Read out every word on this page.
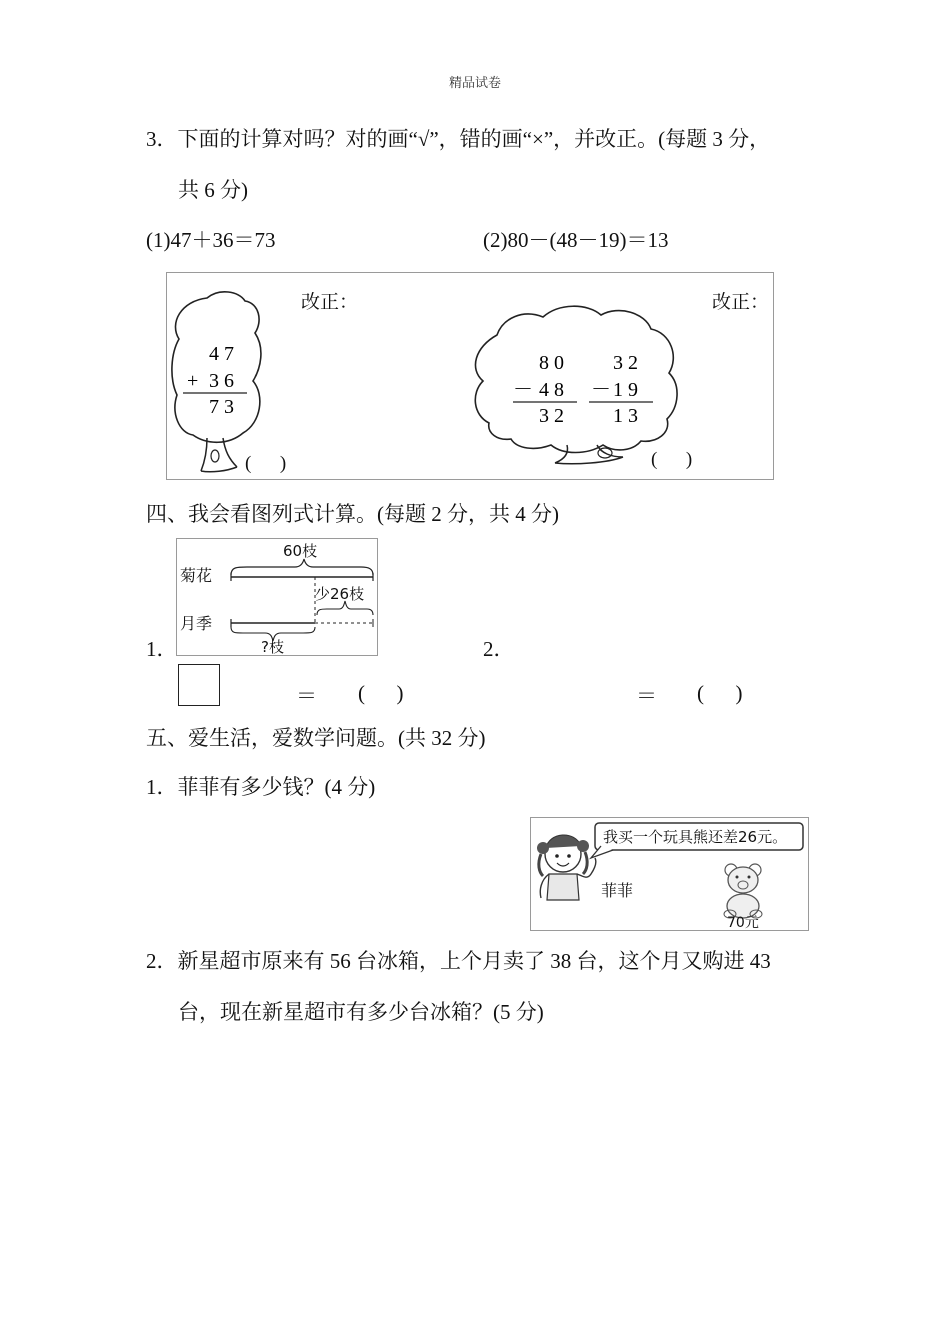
精品试卷
3．下面的计算对吗？对的画“√”，错的画“×”，并改正。(每题 3 分，
共 6 分)
(1)47＋36＝73	(2)80－(48－19)＝13
4 7
+ 3 6
7 3
8 0
－ 4 8
3 2
3 2
－ 1 9
1 3
改正：	改正：
(      )	(      )
四、我会看图列式计算。(每题 2 分，共 4 分)
菊花
月季
60枝
少26枝
?枝
1．	2．
＝ (      )	＝ (      )
五、爱生活，爱数学问题。(共 32 分)
1．菲菲有多少钱？(4 分)
我买一个玩具熊还差26元。
菲菲
70元
2．新星超市原来有 56 台冰箱，上个月卖了 38 台，这个月又购进 43
台，现在新星超市有多少台冰箱？(5 分)
